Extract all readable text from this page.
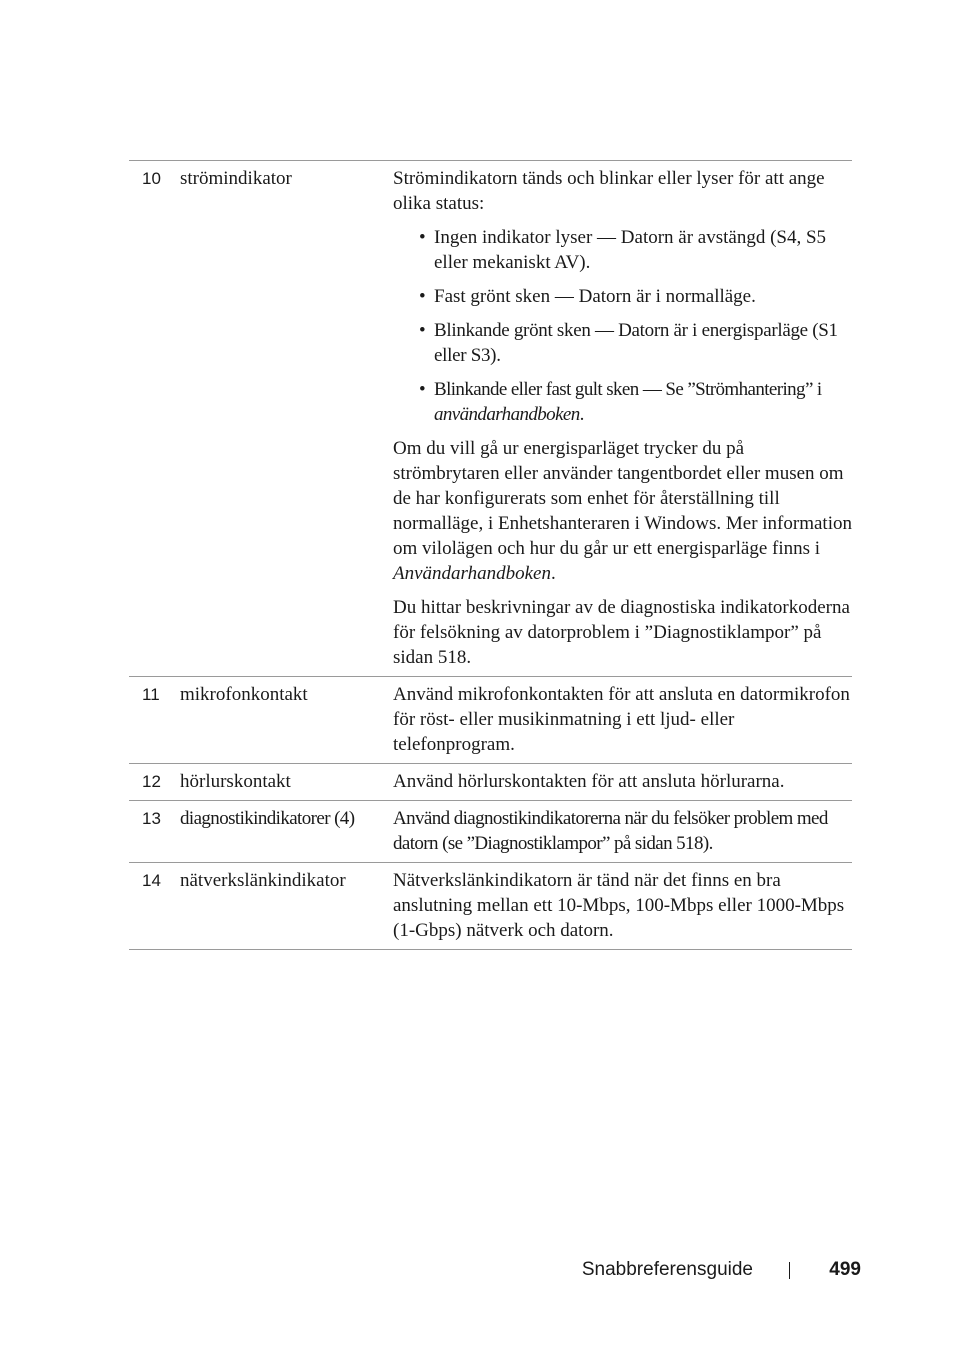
10	strömindikator	Strömindikatorn tänds och blinkar eller lyser för att ange olika status:

• Ingen indikator lyser — Datorn är avstängd (S4, S5 eller mekaniskt AV).
• Fast grönt sken — Datorn är i normalläge.
• Blinkande grönt sken — Datorn är i energisparläge (S1 eller S3).
• Blinkande eller fast gult sken — Se ”Strömhantering” i användarhandboken.

Om du vill gå ur energisparläget trycker du på strömbrytaren eller använder tangentbordet eller musen om de har konfigurerats som enhet för återställning till normalläge, i Enhetshanteraren i Windows. Mer information om vilolägen och hur du går ur ett energisparläge finns i Användarhandboken.

Du hittar beskrivningar av de diagnostiska indikatorkoderna för felsökning av datorproblem i ”Diagnostiklampor” på sidan 518.

11	mikrofonkontakt	Använd mikrofonkontakten för att ansluta en datormikrofon för röst- eller musikinmatning i ett ljud- eller telefonprogram.

12	hörlurskontakt	Använd hörlurskontakten för att ansluta hörlurarna.

13	diagnostikindikatorer (4)	Använd diagnostikindikatorerna när du felsöker problem med datorn (se ”Diagnostiklampor” på sidan 518).

14	nätverkslänkindikator	Nätverkslänkindikatorn är tänd när det finns en bra anslutning mellan ett 10-Mbps, 100-Mbps eller 1000-Mbps (1-Gbps) nätverk och datorn.

Snabbreferensguide	499
